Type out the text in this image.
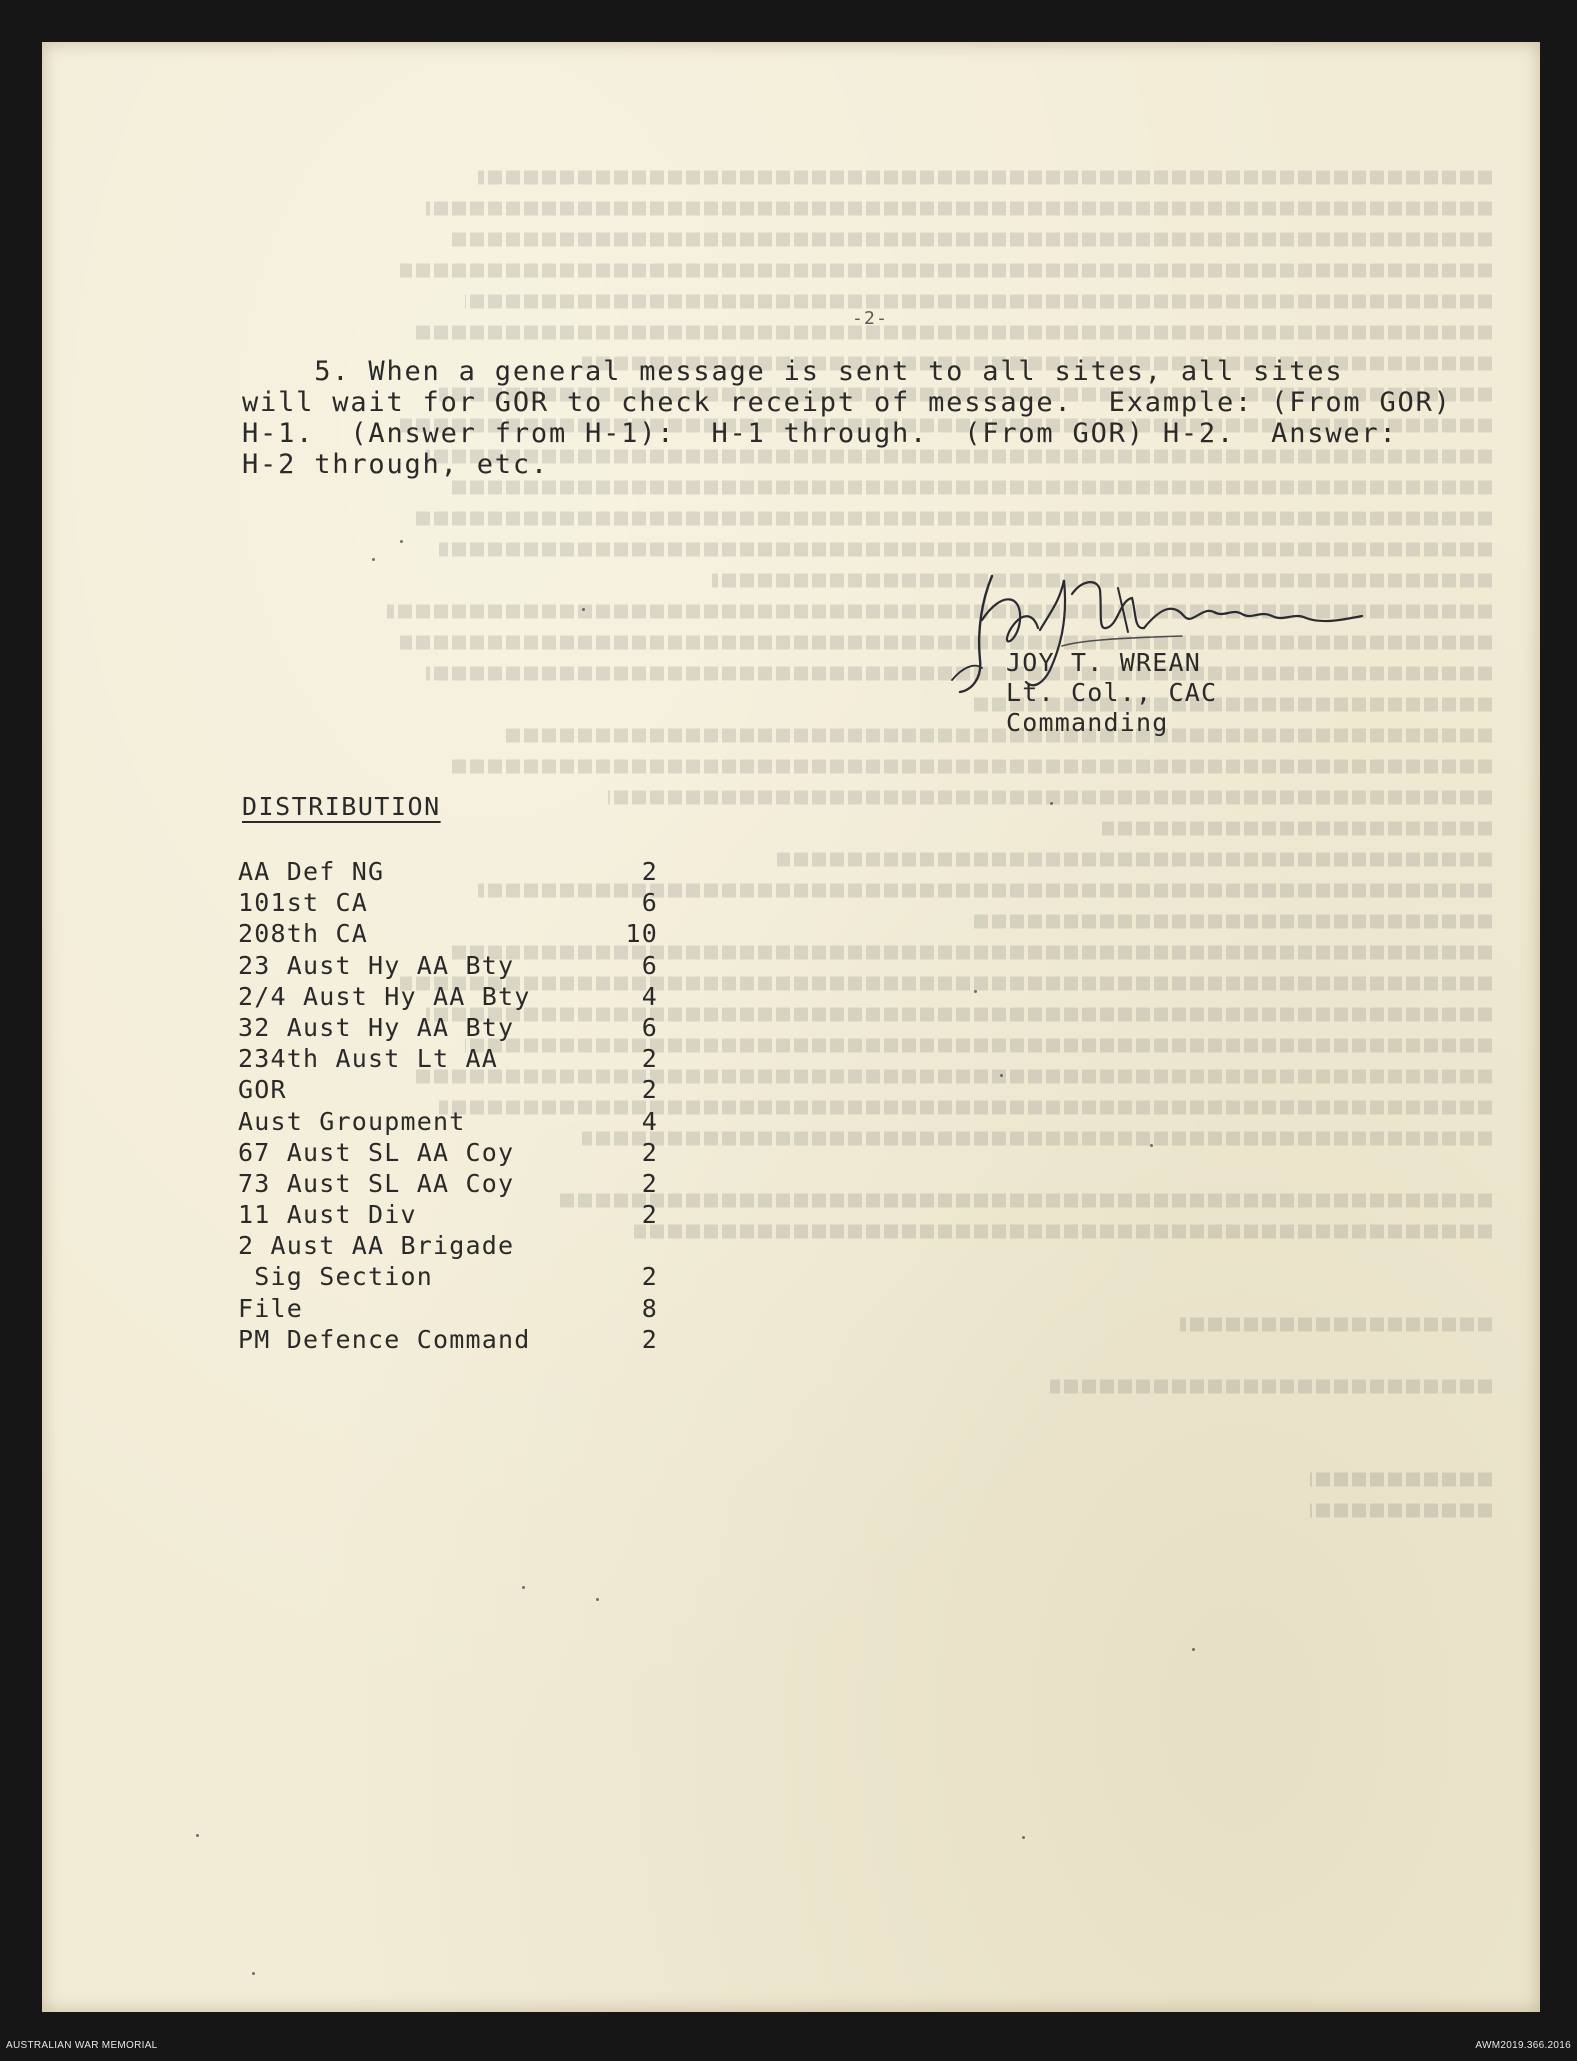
-2-
5. When a general message is sent to all sites, all sites
will wait for GOR to check receipt of message.  Example: (From GOR)
H-1.  (Answer from H-1):  H-1 through.  (From GOR) H-2.  Answer:
H-2 through, etc.
JOY T. WREAN
Lt. Col., CAC
Commanding
DISTRIBUTION
AA Def NG	2
101st CA	6
208th CA	10
23 Aust Hy AA Bty	6
2/4 Aust Hy AA Bty	4
32 Aust Hy AA Bty	6
234th Aust Lt AA	2
GOR	2
Aust Groupment	4
67 Aust SL AA Coy	2
73 Aust SL AA Coy	2
11 Aust Div	2
2 Aust AA Brigade
Sig Section	2
File	8
PM Defence Command	2
AUSTRALIAN WAR MEMORIAL	AWM2019.366.2016
